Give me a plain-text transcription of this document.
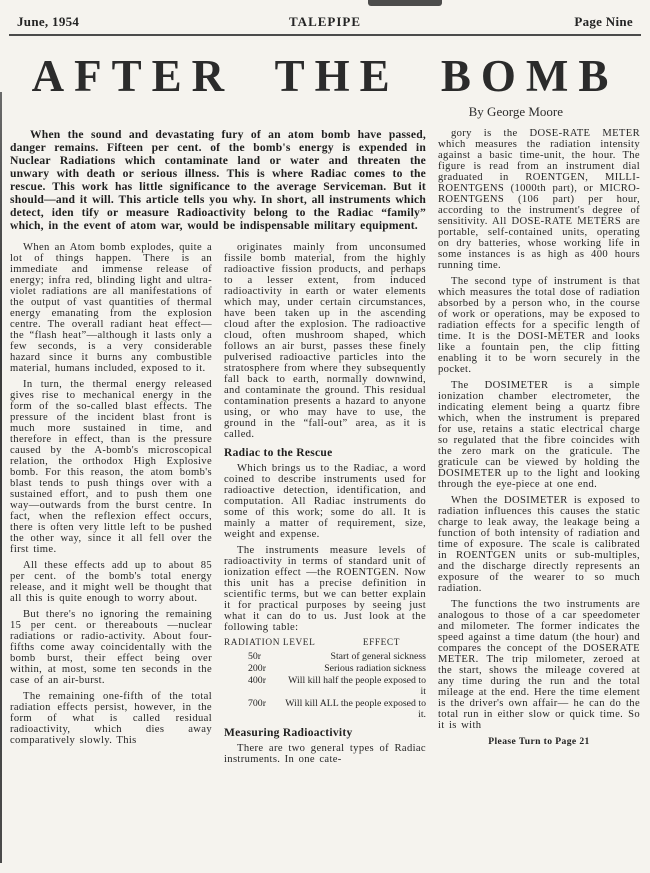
June, 1954	TALEPIPE	Page Nine
AFTER THE BOMB
By George Moore

When the sound and devastating fury of an atom bomb have passed, danger remains. Fifteen per cent. of the bomb's energy is expended in Nuclear Radiations which contaminate land or water and threaten the unwary with death or serious illness. This is where Radiac comes to the rescue. This work has little significance to the average Serviceman. But it should—and it will. This article tells you why. In short, all instruments which detect, iden tify or measure Radioactivity belong to the Radiac “family” which, in the event of atom war, would be indispensable military equipment.

When an Atom bomb explodes, quite a lot of things happen. There is an immediate and immense release of energy; infra red, blinding light and ultra-violet radiations are all manifestations of the output of vast quantities of thermal energy emanating from the explosion centre. The overall radiant heat effect—the “flash heat”—although it lasts only a few seconds, is a very considerable hazard since it burns any combustible material, humans included, exposed to it.

In turn, the thermal energy released gives rise to mechanical energy in the form of the so-called blast effects. The pressure of the incident blast front is much more sustained in time, and therefore in effect, than is the pressure caused by the A-bomb's microscopical relation, the orthodox High Explosive bomb. For this reason, the atom bomb's blast tends to push things over with a sustained effort, and to push them one way—outwards from the burst centre. In fact, when the reflexion effect occurs, there is often very little left to be pushed the other way, since it all fell over the first time.

All these effects add up to about 85 per cent. of the bomb's total energy release, and it might well be thought that all this is quite enough to worry about.

But there's no ignoring the remaining 15 per cent. or thereabouts —nuclear radiations or radio-activity. About four-fifths come away coincidentally with the bomb burst, their effect being over within, at most, some ten seconds in the case of an air-burst.

The remaining one-fifth of the total radiation effects persist, however, in the form of what is called residual radioactivity, which dies away comparatively slowly. This

originates mainly from unconsumed fissile bomb material, from the highly radioactive fission products, and perhaps to a lesser extent, from induced radioactivity in earth or water elements which may, under certain circumstances, have been taken up in the ascending cloud after the explosion. The radioactive cloud, often mushroom shaped, which follows an air burst, passes these finely pulverised radioactive particles into the stratosphere from where they subsequently fall back to earth, normally downwind, and contaminate the ground. This residual contamination presents a hazard to anyone using, or who may have to use, the ground in the “fall-out” area, as it is called.

Radiac to the Rescue

Which brings us to the Radiac, a word coined to describe instruments used for radioactive detection, identification, and computation. All Radiac instruments do some of this work; some do all. It is mainly a matter of requirement, size, weight and expense.

The instruments measure levels of radioactivity in terms of standard unit of ionization effect —the ROENTGEN. Now this unit has a precise definition in scientific terms, but we can better explain it for practical purposes by seeing just what it can do to us. Just look at the following table:

RADIATION LEVEL	EFFECT
50r	Start of general sickness
200r	Serious radiation sickness
400r	Will kill half the people exposed to it
700r	Will kill ALL the people exposed to it.
Measuring Radioactivity

There are two general types of Radiac instruments. In one cate-

gory is the DOSE-RATE METER which measures the radiation intensity against a basic time-unit, the hour. The figure is read from an instrument dial graduated in ROENTGEN, MILLI-ROENTGENS (1000th part), or MICRO-ROENTGENS (106 part) per hour, according to the instrument's degree of sensitivity. All DOSE-RATE METERS are portable, self-contained units, operating on dry batteries, whose working life in some instances is as high as 400 hours running time.

The second type of instrument is that which measures the total dose of radiation absorbed by a person who, in the course of work or operations, may be exposed to radiation effects for a specific length of time. It is the DOSI-METER and looks like a fountain pen, the clip fitting enabling it to be worn securely in the pocket.

The DOSIMETER is a simple ionization chamber electrometer, the indicating element being a quartz fibre which, when the instrument is prepared for use, retains a static electrical charge so regulated that the fibre coincides with the zero mark on the graticule. The graticule can be viewed by holding the DOSIMETER up to the light and looking through the eye-piece at one end.

When the DOSIMETER is exposed to radiation influences this causes the static charge to leak away, the leakage being a function of both intensity of radiation and time of exposure. The scale is calibrated in ROENTGEN units or sub-multiples, and the discharge directly represents an exposure of the wearer to so much radiation.

The functions the two instruments are analogous to those of a car speedometer and milometer. The former indicates the speed against a time datum (the hour) and compares the concept of the DOSERATE METER. The trip milometer, zeroed at the start, shows the mileage covered at any time during the run and the total mileage at the end. Here the time element is the driver's own affair— he can do the total run in either slow or quick time. So it is with

Please Turn to Page 21
